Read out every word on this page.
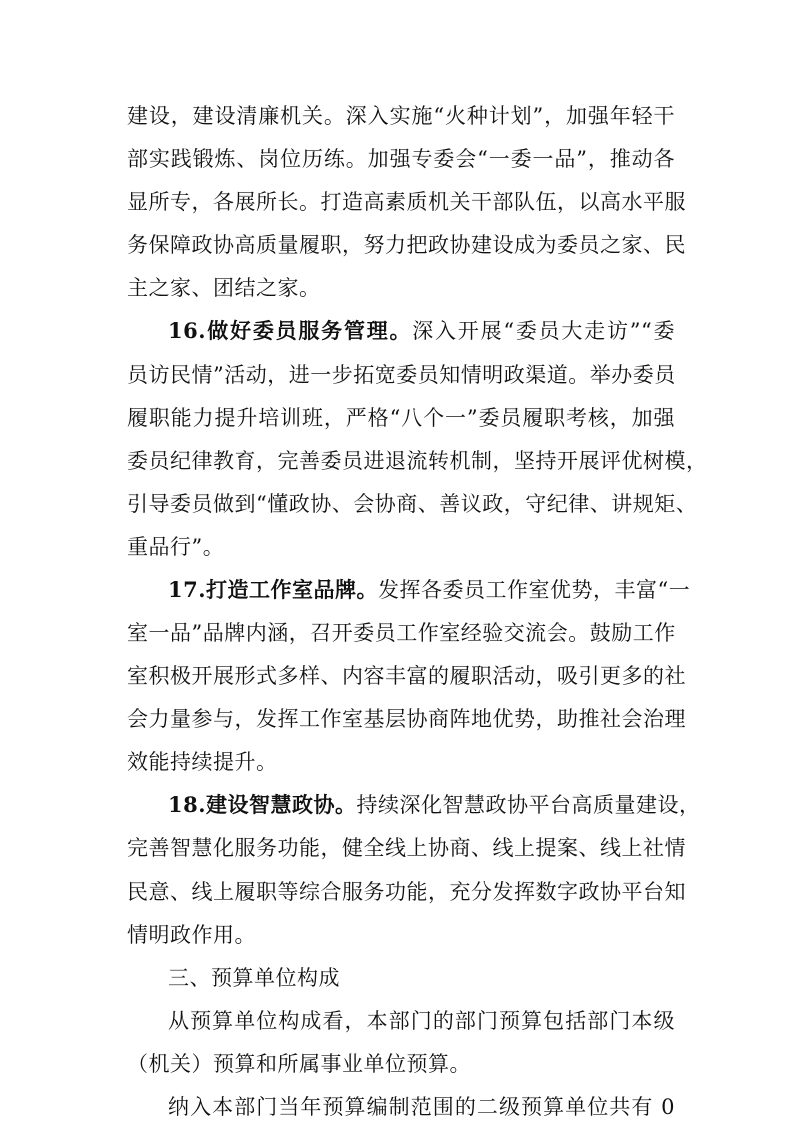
建设，建设清廉机关。深入实施“火种计划”，加强年轻干
部实践锻炼、岗位历练。加强专委会“一委一品”，推动各
显所专，各展所长。打造高素质机关干部队伍，以高水平服
务保障政协高质量履职，努力把政协建设成为委员之家、民
主之家、团结之家。
16.做好委员服务管理。深入开展“委员大走访”“委
员访民情”活动，进一步拓宽委员知情明政渠道。举办委员
履职能力提升培训班，严格“八个一”委员履职考核，加强
委员纪律教育，完善委员进退流转机制，坚持开展评优树模，
引导委员做到“懂政协、会协商、善议政，守纪律、讲规矩、
重品行”。
17.打造工作室品牌。发挥各委员工作室优势，丰富“一
室一品”品牌内涵，召开委员工作室经验交流会。鼓励工作
室积极开展形式多样、内容丰富的履职活动，吸引更多的社
会力量参与，发挥工作室基层协商阵地优势，助推社会治理
效能持续提升。
18.建设智慧政协。持续深化智慧政协平台高质量建设，
完善智慧化服务功能，健全线上协商、线上提案、线上社情
民意、线上履职等综合服务功能，充分发挥数字政协平台知
情明政作用。
三、预算单位构成
从预算单位构成看，本部门的部门预算包括部门本级
（机关）预算和所属事业单位预算。
纳入本部门当年预算编制范围的二级预算单位共有 0
